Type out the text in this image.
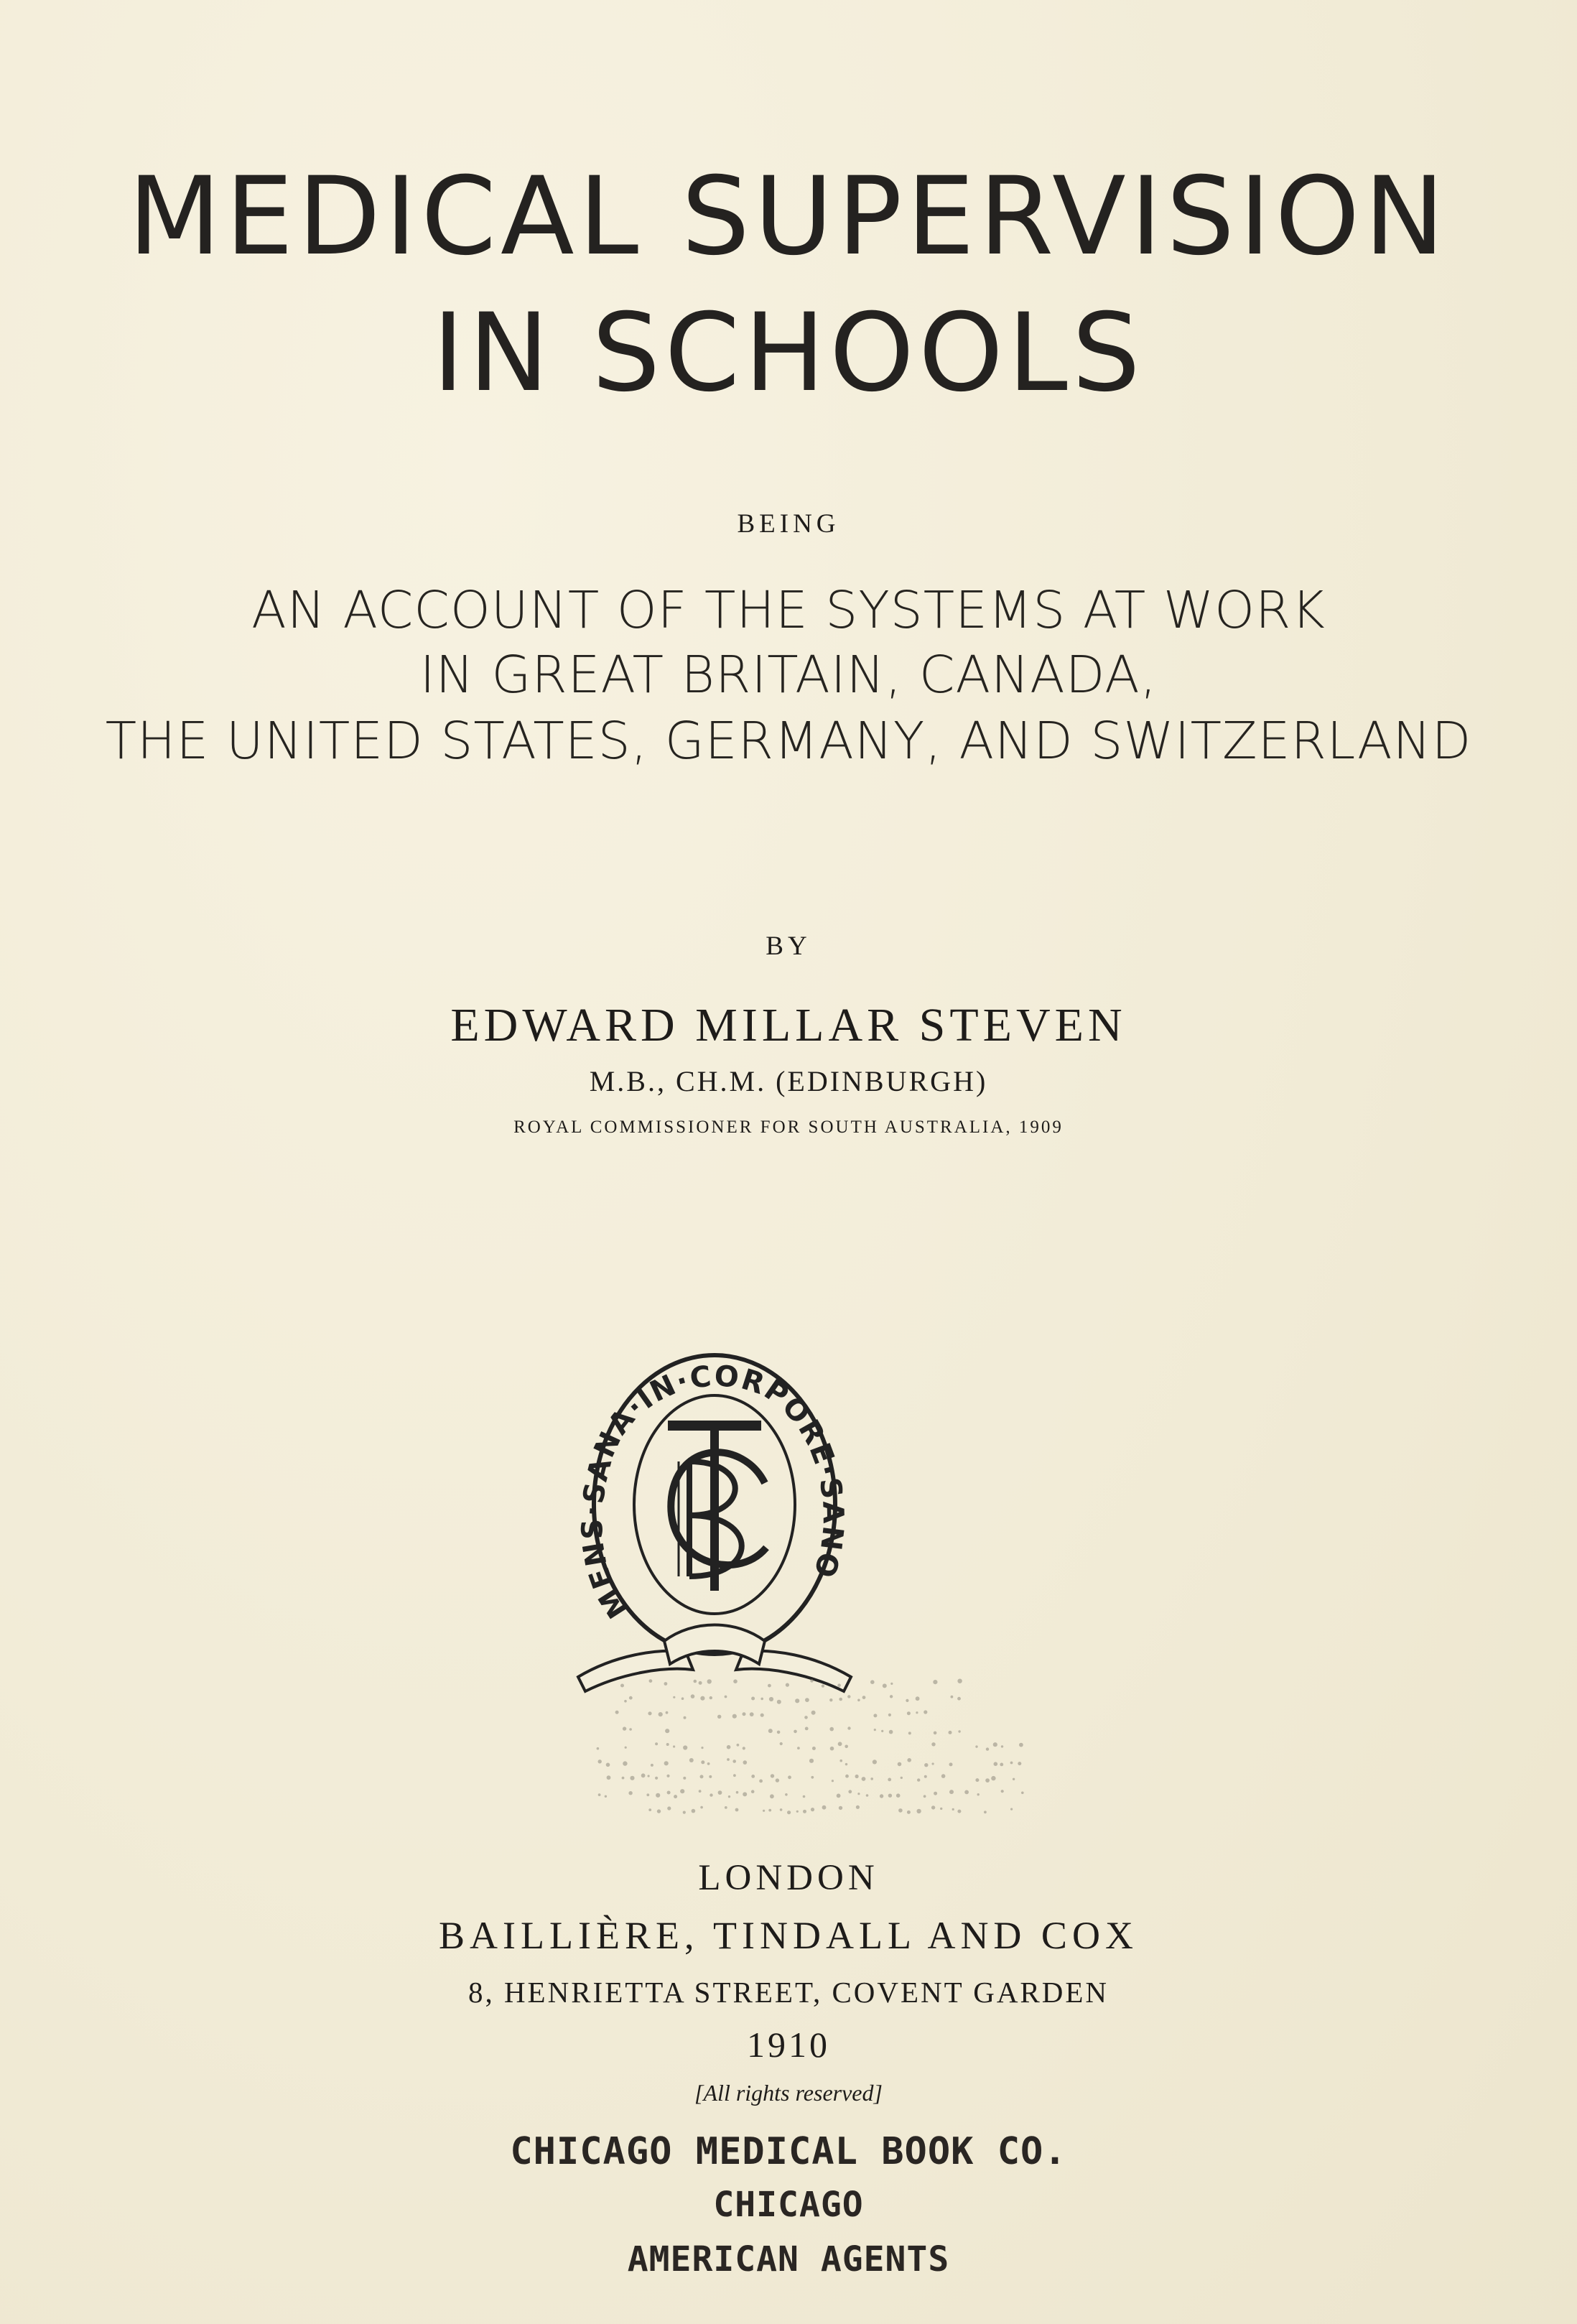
MEDICAL SUPERVISION
IN SCHOOLS
BEING
AN ACCOUNT OF THE SYSTEMS AT WORK
IN GREAT BRITAIN, CANADA,
THE UNITED STATES, GERMANY, AND SWITZERLAND
BY
EDWARD MILLAR STEVEN
M.B., CH.M. (EDINBURGH)
ROYAL COMMISSIONER FOR SOUTH AUSTRALIA, 1909
MENS·SANA·IN·CORPORE·SANO
LONDON
BAILLIÈRE, TINDALL AND COX
8, HENRIETTA STREET, COVENT GARDEN
1910
[All rights reserved]
CHICAGO MEDICAL BOOK CO.
CHICAGO
AMERICAN AGENTS
